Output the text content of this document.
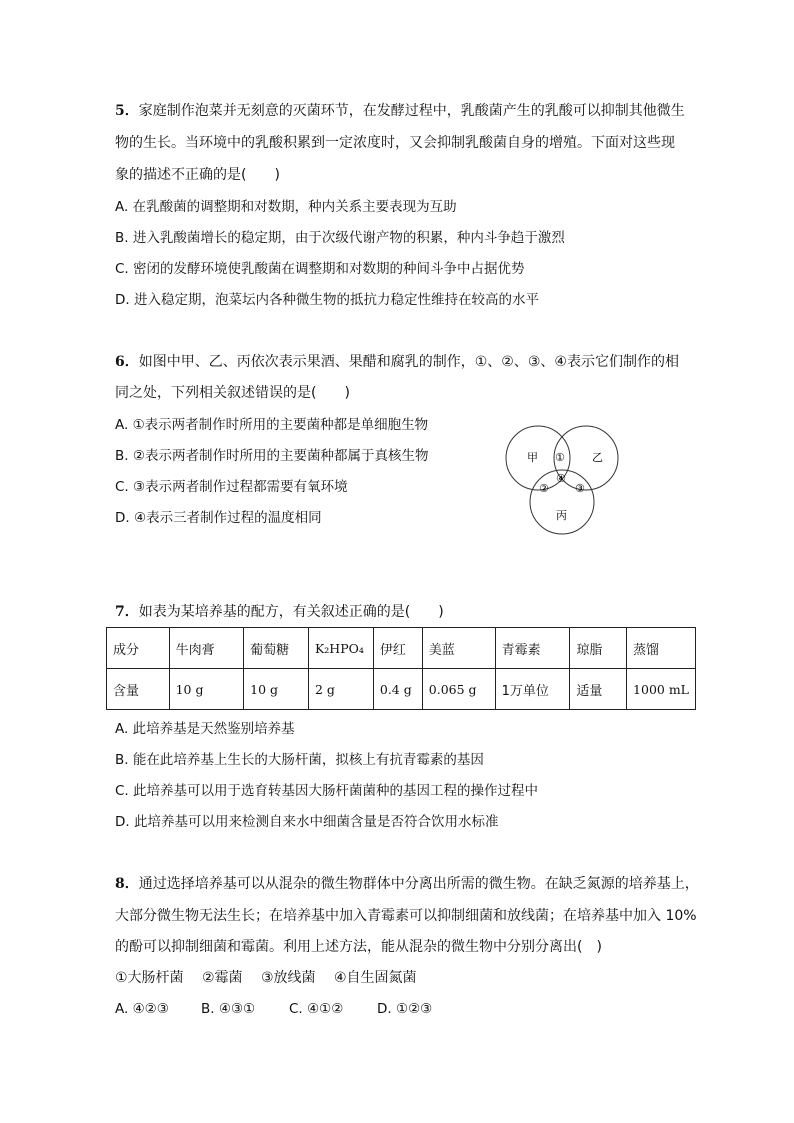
5．家庭制作泡菜并无刻意的灭菌环节，在发酵过程中，乳酸菌产生的乳酸可以抑制其他微生
物的生长。当环境中的乳酸积累到一定浓度时，又会抑制乳酸菌自身的增殖。下面对这些现
象的描述不正确的是(　　)
A. 在乳酸菌的调整期和对数期，种内关系主要表现为互助
B. 进入乳酸菌增长的稳定期，由于次级代谢产物的积累，种内斗争趋于激烈
C. 密闭的发酵环境使乳酸菌在调整期和对数期的种间斗争中占据优势
D. 进入稳定期，泡菜坛内各种微生物的抵抗力稳定性维持在较高的水平
6．如图中甲、乙、丙依次表示果酒、果醋和腐乳的制作，①、②、③、④表示它们制作的相
同之处，下列相关叙述错误的是(　　)
A. ①表示两者制作时所用的主要菌种都是单细胞生物
B. ②表示两者制作时所用的主要菌种都属于真核生物
C. ③表示两者制作过程都需要有氧环境
D. ④表示三者制作过程的温度相同
甲	乙
丙
①
② ③
④
7．如表为某培养基的配方，有关叙述正确的是(　　)
成分	牛肉膏	葡萄糖	K₂HPO₄	伊红	美蓝	青霉素	琼脂	蒸馏
含量	10 g	10 g	2 g	0.4 g	0.065 g	1万单位	适量	1000 mL
A. 此培养基是天然鉴别培养基
B. 能在此培养基上生长的大肠杆菌，拟核上有抗青霉素的基因
C. 此培养基可以用于选育转基因大肠杆菌菌种的基因工程的操作过程中
D. 此培养基可以用来检测自来水中细菌含量是否符合饮用水标准
8．通过选择培养基可以从混杂的微生物群体中分离出所需的微生物。在缺乏氮源的培养基上，
大部分微生物无法生长；在培养基中加入青霉素可以抑制细菌和放线菌；在培养基中加入 10%
的酚可以抑制细菌和霉菌。利用上述方法，能从混杂的微生物中分别分离出(　)
①大肠杆菌　 ②霉菌　 ③放线菌　 ④自生固氮菌
A. ④②③ B. ④③①	C. ④①② D. ①②③
